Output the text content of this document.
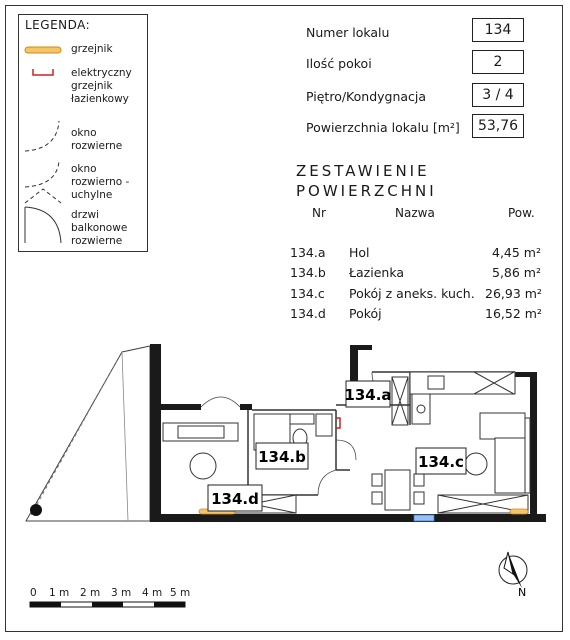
LEGENDA:
grzejnik
elektryczny
grzejnik
łazienkowy
okno
rozwierne
okno
rozwierno -
uchylne
drzwi
balkonowe
rozwierne
Numer lokalu	134
Ilość pokoi	2
Piętro/Kondygnacja	3 / 4
Powierzchnia lokalu [m²]	53,76
ZESTAWIENIE
POWIERZCHNI
Nr	Nazwa	Pow.
134.a Hol	4,45 m²
134.b Łazienka	5,86 m²
134.c Pokój z aneks. kuch. 26,93 m²
134.d Pokój	16,52 m²
134.a
134.b	134.c
134.d
0 1 m 2 m 3 m 4 m 5 m	N
